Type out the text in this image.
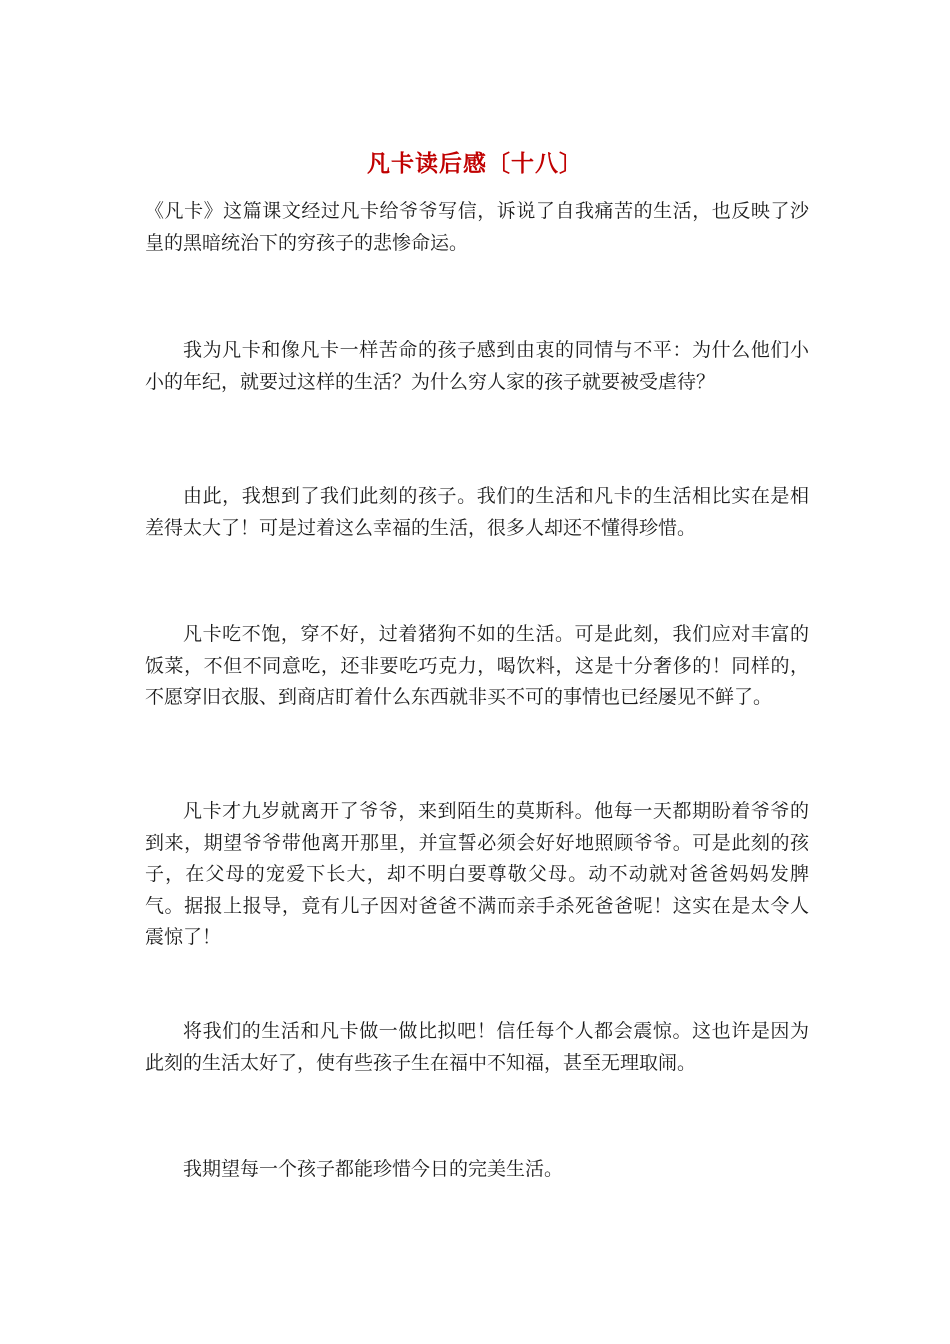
凡卡读后感〔十八〕

《凡卡》这篇课文经过凡卡给爷爷写信，诉说了自我痛苦的生活，也反映了沙皇的黑暗统治下的穷孩子的悲惨命运。

我为凡卡和像凡卡一样苦命的孩子感到由衷的同情与不平：为什么他们小小的年纪，就要过这样的生活？为什么穷人家的孩子就要被受虐待？

由此，我想到了我们此刻的孩子。我们的生活和凡卡的生活相比实在是相差得太大了！可是过着这么幸福的生活，很多人却还不懂得珍惜。

凡卡吃不饱，穿不好，过着猪狗不如的生活。可是此刻，我们应对丰富的饭菜，不但不同意吃，还非要吃巧克力，喝饮料，这是十分奢侈的！同样的，不愿穿旧衣服、到商店盯着什么东西就非买不可的事情也已经屡见不鲜了。

凡卡才九岁就离开了爷爷，来到陌生的莫斯科。他每一天都期盼着爷爷的到来，期望爷爷带他离开那里，并宣誓必须会好好地照顾爷爷。可是此刻的孩子，在父母的宠爱下长大，却不明白要尊敬父母。动不动就对爸爸妈妈发脾气。据报上报导，竟有儿子因对爸爸不满而亲手杀死爸爸呢！这实在是太令人震惊了！

将我们的生活和凡卡做一做比拟吧！信任每个人都会震惊。这也许是因为此刻的生活太好了，使有些孩子生在福中不知福，甚至无理取闹。

我期望每一个孩子都能珍惜今日的完美生活。
